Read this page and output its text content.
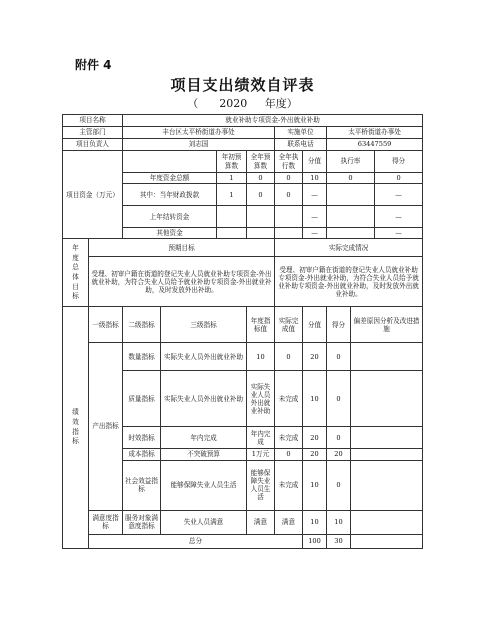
附件 4
项目支出绩效自评表
（      2020     年度）
项目名称		就业补助专项资金-外出就业补助								
主管部门		丰台区太平桥街道办事处				实施单位		太平桥街道办事处		
项目负责人		刘志国				联系电话		63447559		
项目资金（万元）				年初预算数	全年预算数	全年执行数	分值	执行率		得分
		年度资金总额		1	0	0	10	0		0
		其中：当年财政拨款		1	0	0	—			—
		上年结转资金					—			—
		其他资金					—			—
年度总体目标	预期目标					实际完成情况				
	受理、初审户籍在街道的登记失业人员就业补助专项资金-外出就业补助，为符合失业人员给予就业补助专项资金-外出就业补助，及时发放外出补助。					受理、初审户籍在街道的登记失业人员就业补助专项资金-外出就业补助，为符合失业人员给予就业补助专项资金-外出就业补助，及时发放外出就业补助。				
绩效指标	一级指标	二级指标	三级指标		年度指标值	实际完成值	分值	得分	偏差原因分析及改进措施	
	产出指标	数量指标	实际失业人员外出就业补助		10	0	20	0		
		质量指标	实际失业人员外出就业补助		实际失业人员外出就业补助	未完成	10	0		
		时效指标	年内完成		年内完成	未完成	20	0		
		成本指标	不突破预算		1万元	0	20	20		
		社会效益指标	能够保障失业人员生活		能够保障失业人员生活	未完成	10	0		
	满意度指标	服务对象满意度指标	失业人员满意		满意	满意	10	10		
	总分						100	30		
